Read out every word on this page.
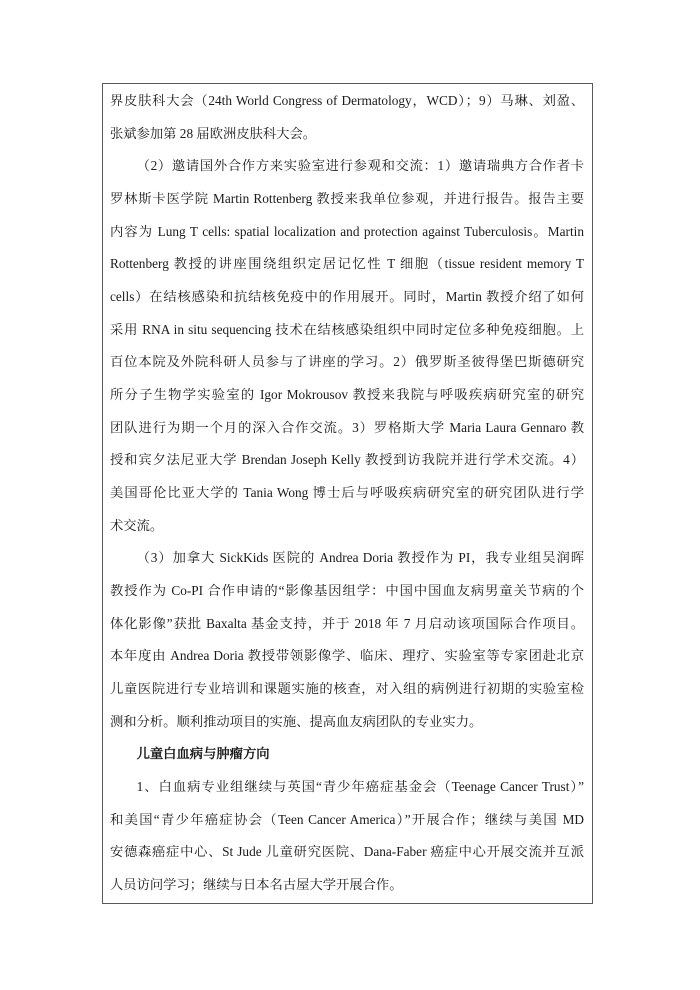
界皮肤科大会（24th World Congress of Dermatology，WCD）；9）马琳、刘盈、
张斌参加第 28 届欧洲皮肤科大会。
（2）邀请国外合作方来实验室进行参观和交流：1）邀请瑞典方合作者卡
罗林斯卡医学院 Martin Rottenberg 教授来我单位参观，并进行报告。报告主要
内容为 Lung T cells: spatial localization and protection against Tuberculosis。Martin
Rottenberg 教授的讲座围绕组织定居记忆性 T 细胞（tissue resident memory T
cells）在结核感染和抗结核免疫中的作用展开。同时，Martin 教授介绍了如何
采用 RNA in situ sequencing 技术在结核感染组织中同时定位多种免疫细胞。上
百位本院及外院科研人员参与了讲座的学习。2）俄罗斯圣彼得堡巴斯德研究
所分子生物学实验室的 Igor Mokrousov 教授来我院与呼吸疾病研究室的研究
团队进行为期一个月的深入合作交流。3）罗格斯大学 Maria Laura Gennaro 教
授和宾夕法尼亚大学 Brendan Joseph Kelly 教授到访我院并进行学术交流。4）
美国哥伦比亚大学的 Tania Wong 博士后与呼吸疾病研究室的研究团队进行学
术交流。
（3）加拿大 SickKids 医院的 Andrea Doria 教授作为 PI，我专业组吴润晖
教授作为 Co-PI 合作申请的“影像基因组学：中国中国血友病男童关节病的个
体化影像”获批 Baxalta 基金支持，并于 2018 年 7 月启动该项国际合作项目。
本年度由 Andrea Doria 教授带领影像学、临床、理疗、实验室等专家团赴北京
儿童医院进行专业培训和课题实施的核查，对入组的病例进行初期的实验室检
测和分析。顺利推动项目的实施、提高血友病团队的专业实力。
儿童白血病与肿瘤方向
1、白血病专业组继续与英国“青少年癌症基金会（Teenage Cancer Trust）”
和美国“青少年癌症协会（Teen Cancer America）”开展合作；继续与美国 MD
安德森癌症中心、St Jude 儿童研究医院、Dana-Faber 癌症中心开展交流并互派
人员访问学习；继续与日本名古屋大学开展合作。
